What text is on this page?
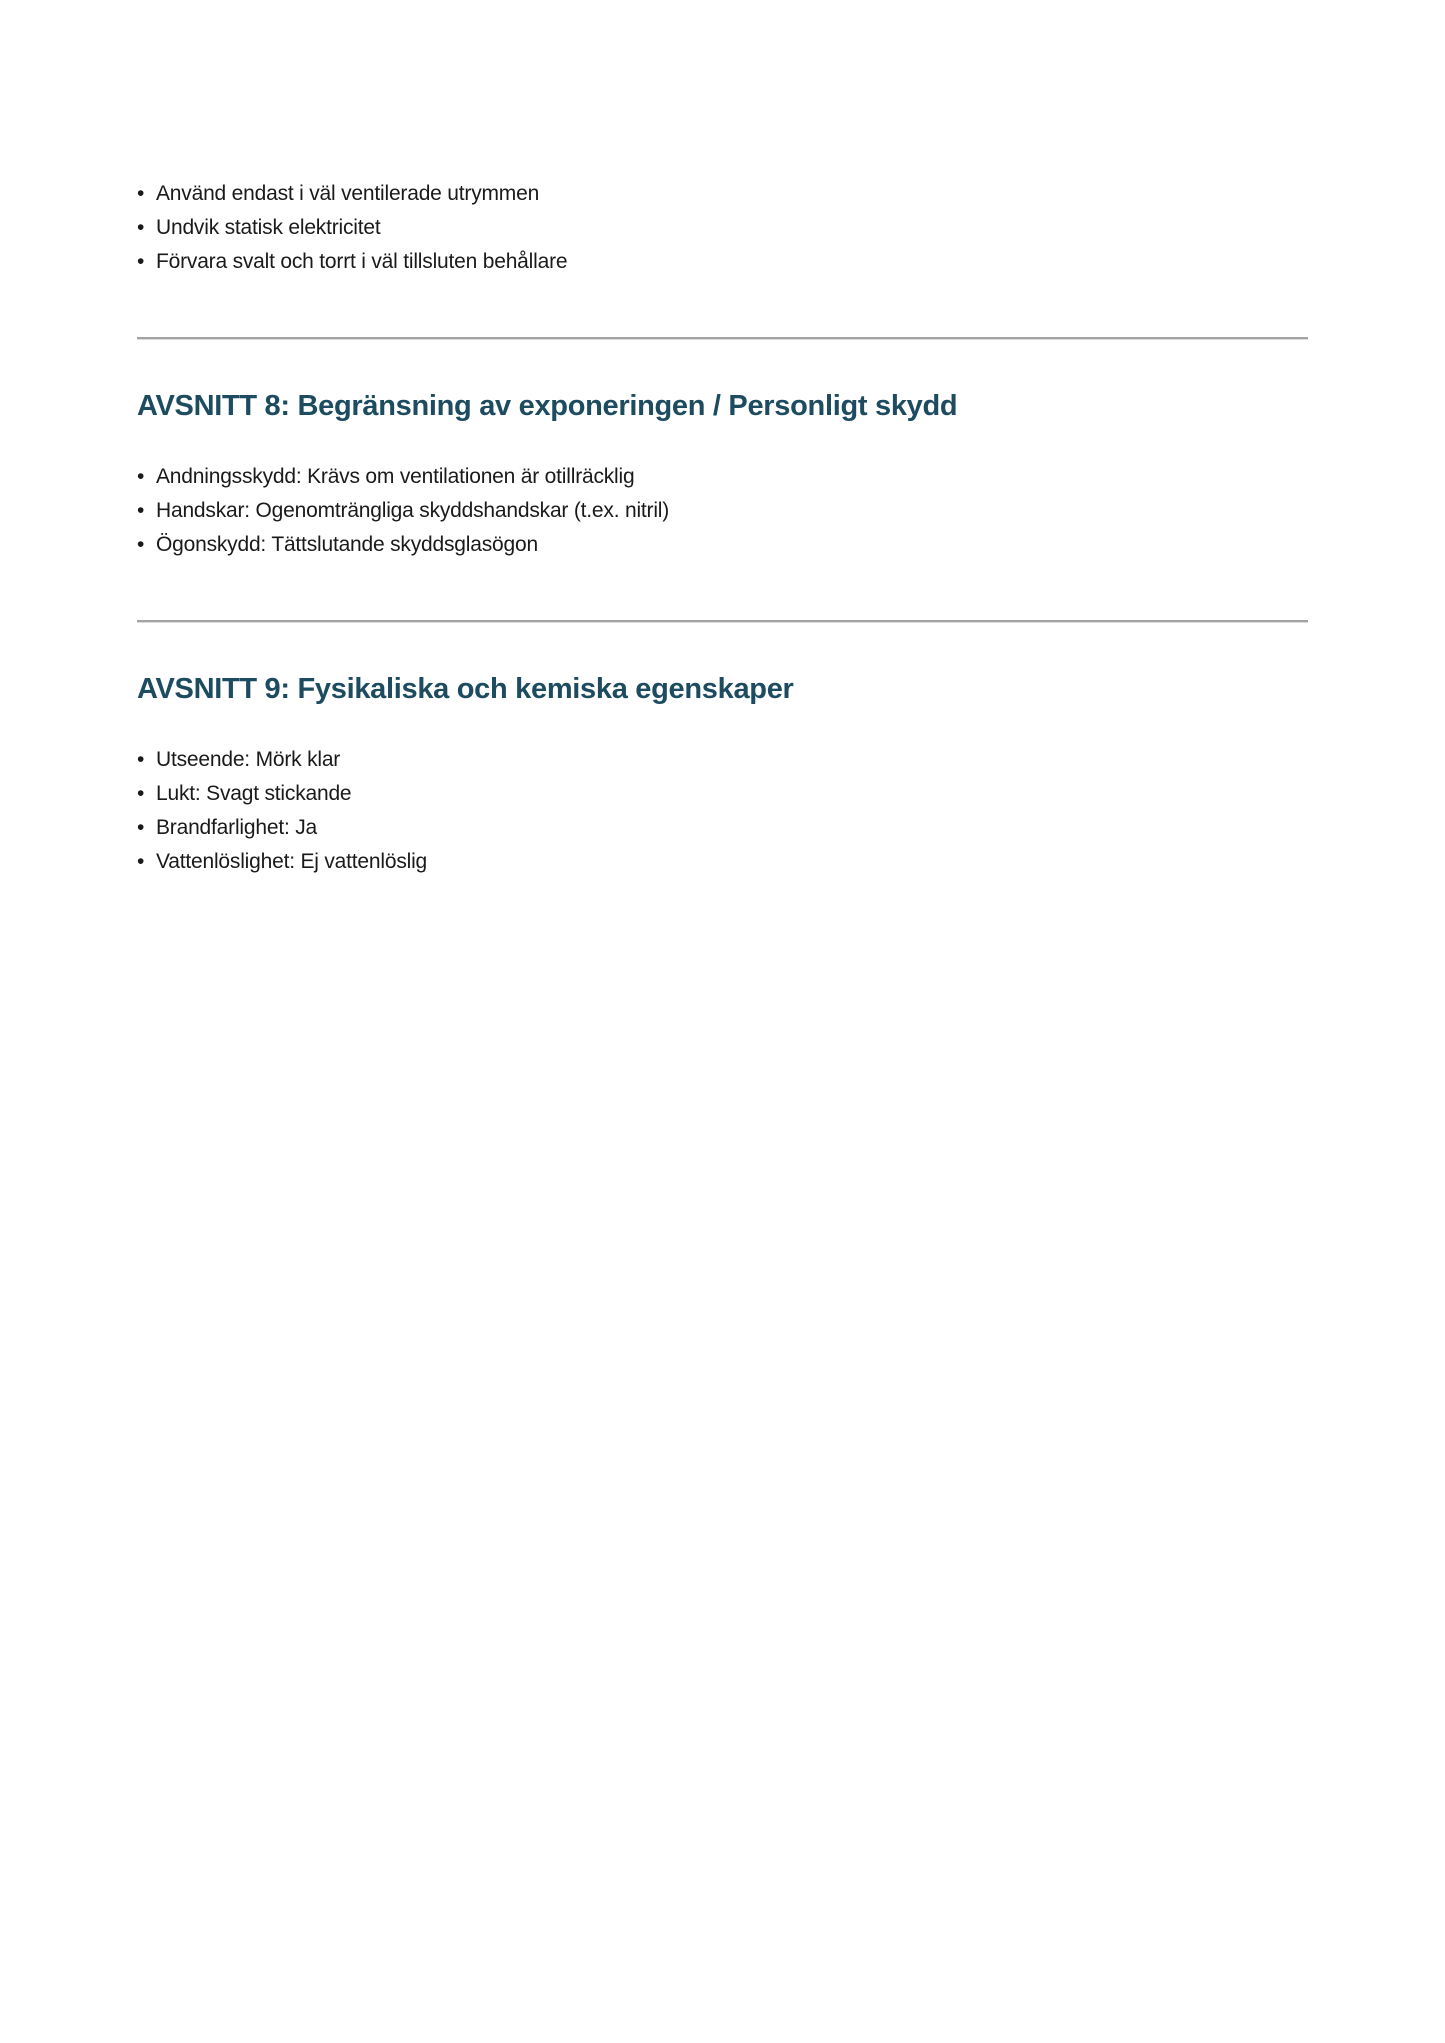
• Använd endast i väl ventilerade utrymmen
• Undvik statisk elektricitet
• Förvara svalt och torrt i väl tillsluten behållare
AVSNITT 8: Begränsning av exponeringen / Personligt skydd
• Andningsskydd: Krävs om ventilationen är otillräcklig
• Handskar: Ogenomträngliga skyddshandskar (t.ex. nitril)
• Ögonskydd: Tättslutande skyddsglasögon
AVSNITT 9: Fysikaliska och kemiska egenskaper
• Utseende: Mörk klar
• Lukt: Svagt stickande
• Brandfarlighet: Ja
• Vattenlöslighet: Ej vattenlöslig
